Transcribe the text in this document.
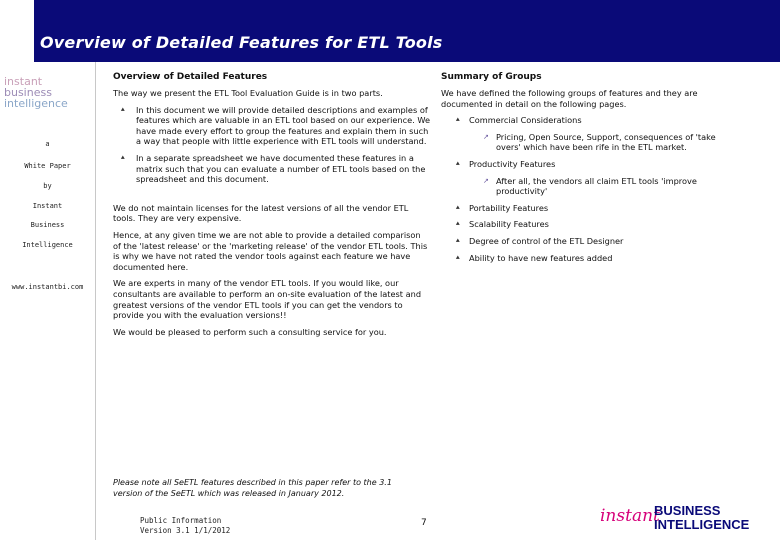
Overview of Detailed Features for ETL Tools
instant
business
intelligence
a
White Paper
by
Instant
Business
Intelligence
www.instantbi.com
Overview of Detailed Features	Summary of Groups

The way we present the ETL Tool Evaluation Guide is in two parts.

⯅ In this document we will provide detailed descriptions and examples of features which are valuable in an ETL tool based on our experience. We have made every effort to group the features and explain them in such a way that people with little experience with ETL tools will understand.
⯅ In a separate spreadsheet we have documented these features in a matrix such that you can evaluate a number of ETL tools based on the spreadsheet and this document.

We do not maintain licenses for the latest versions of all the vendor ETL tools. They are very expensive.

Hence, at any given time we are not able to provide a detailed comparison of the 'latest release' or the 'marketing release' of the vendor ETL tools. This is why we have not rated the vendor tools against each feature we have documented here.

We are experts in many of the vendor ETL tools. If you would like, our consultants are available to perform an on-site evaluation of the latest and greatest versions of the vendor ETL tools if you can get the vendors to provide you with the evaluation versions!!

We would be pleased to perform such a consulting service for you.

We have defined the following groups of features and they are documented in detail on the following pages.

⯅ Commercial Considerations
↗ Pricing, Open Source, Support, consequences of 'take overs' which have been rife in the ETL market.
⯅ Productivity Features
↗ After all, the vendors all claim ETL tools 'improve productivity'
⯅ Portability Features
⯅ Scalability Features
⯅ Degree of control of the ETL Designer
⯅ Ability to have new features added
Please note all SeETL features described in this paper refer to the 3.1 version of the SeETL which was released in January 2012.
Public Information
Version 3.1 1/1/2012
7	instant
BUSINESS
INTELLIGENCE
